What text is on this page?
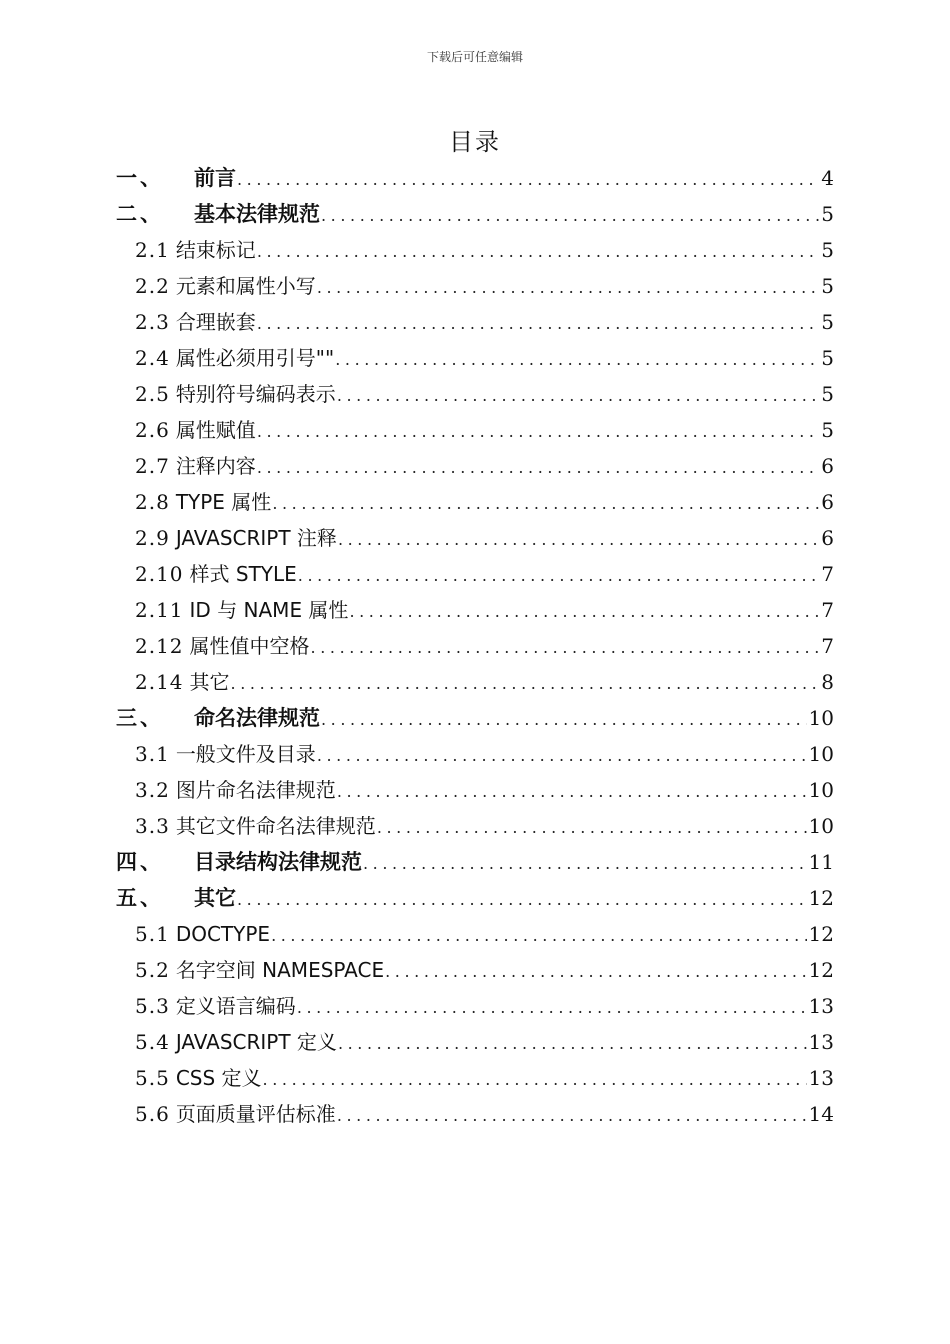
下载后可任意编辑
目录
一、 前言 .....	4
二、 基本法律规范 .....	5
2.1 结束标记 .....	5
2.2 元素和属性小写 .....	5
2.3 合理嵌套 .....	5
2.4 属性必须用引号"" .....	5
2.5 特别符号编码表示 .....	5
2.6 属性赋值 .....	5
2.7 注释内容 .....	6
2.8 TYPE 属性 .....	6
2.9 JAVASCRIPT 注释 .....	6
2.10 样式 STYLE .....	7
2.11 ID 与 NAME 属性 .....	7
2.12 属性值中空格 .....	7
2.14 其它 .....	8
三、 命名法律规范 .....	10
3.1 一般文件及目录 .....	10
3.2 图片命名法律规范 .....	10
3.3 其它文件命名法律规范 .....	10
四、 目录结构法律规范 .....	11
五、 其它 .....	12
5.1 DOCTYPE .....	12
5.2 名字空间 NAMESPACE .....	12
5.3 定义语言编码 .....	13
5.4 JAVASCRIPT 定义 .....	13
5.5 CSS 定义 .....	13
5.6 页面质量评估标准 .....	14
